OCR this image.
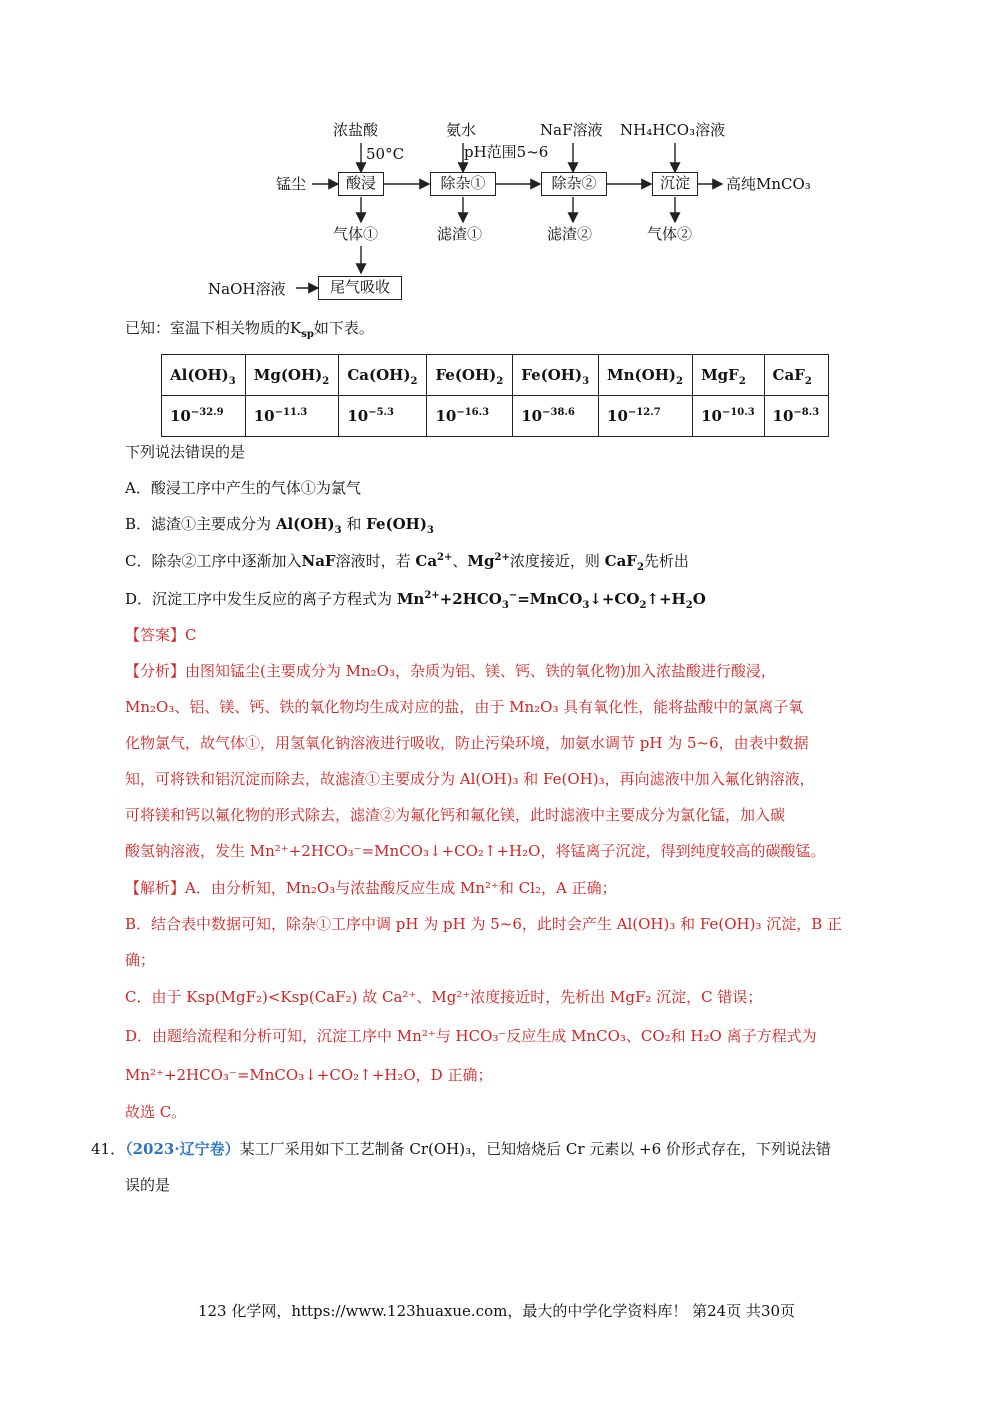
浓盐酸
50°C
氨水
pH范围5~6
NaF溶液 NH₄HCO₃溶液
锰尘	酸浸	除杂①	除杂②	沉淀	高纯MnCO₃
气体①	滤渣①	滤渣②	气体②
NaOH溶液	尾气吸收
已知：室温下相关物质的$K_{sp}$如下表。
$Al(OH)_3$	$Mg(OH)_2$	$Ca(OH)_2$	$Fe(OH)_2$	$Fe(OH)_3$	$Mn(OH)_2$	MgF$_2$	CaF$_2$
$10^{-32.9}$	$10^{-11.3}$	$10^{-5.3}$	$10^{-16.3}$	$10^{-38.6}$	$10^{-12.7}$	$10^{-10.3}$	$10^{-8.3}$
下列说法错误的是
A．酸浸工序中产生的气体①为氯气
B．滤渣①主要成分为 $Al(OH)_3$ 和 $Fe(OH)_3$
C．除杂②工序中逐渐加入NaF溶液时，若 $Ca^{2+}$、$Mg^{2+}$浓度接近，则 CaF$_2$先析出
D．沉淀工序中发生反应的离子方程式为 $Mn^{2+}+2HCO_3^-=MnCO_3↓+CO_2↑+H_2O$
【答案】C
【分析】由图知锰尘(主要成分为 Mn₂O₃，杂质为铝、镁、钙、铁的氧化物)加入浓盐酸进行酸浸，
Mn₂O₃、铝、镁、钙、铁的氧化物均生成对应的盐，由于 Mn₂O₃ 具有氧化性，能将盐酸中的氯离子氧
化物氯气，故气体①，用氢氧化钠溶液进行吸收，防止污染环境，加氨水调节 pH 为 5~6，由表中数据
知，可将铁和铝沉淀而除去，故滤渣①主要成分为 Al(OH)₃ 和 Fe(OH)₃，再向滤液中加入氟化钠溶液，
可将镁和钙以氟化物的形式除去，滤渣②为氟化钙和氟化镁，此时滤液中主要成分为氯化锰，加入碳
酸氢钠溶液，发生 Mn²⁺+2HCO₃⁻=MnCO₃↓+CO₂↑+H₂O，将锰离子沉淀，得到纯度较高的碳酸锰。
【解析】A．由分析知，Mn₂O₃与浓盐酸反应生成 Mn²⁺和 Cl₂，A 正确；
B．结合表中数据可知，除杂①工序中调 pH 为 pH 为 5~6，此时会产生 Al(OH)₃ 和 Fe(OH)₃ 沉淀，B 正
确；
C．由于 Ksp(MgF₂)<Ksp(CaF₂) 故 Ca²⁺、Mg²⁺浓度接近时，先析出 MgF₂ 沉淀，C 错误；
D．由题给流程和分析可知，沉淀工序中 Mn²⁺与 HCO₃⁻反应生成 MnCO₃、CO₂和 H₂O 离子方程式为
Mn²⁺+2HCO₃⁻=MnCO₃↓+CO₂↑+H₂O，D 正确；
故选 C。
41．（2023·辽宁卷）某工厂采用如下工艺制备 Cr(OH)₃，已知焙烧后 Cr 元素以 +6 价形式存在，下列说法错
误的是
123 化学网，https://www.123huaxue.com，最大的中学化学资料库！ 第24页 共30页
